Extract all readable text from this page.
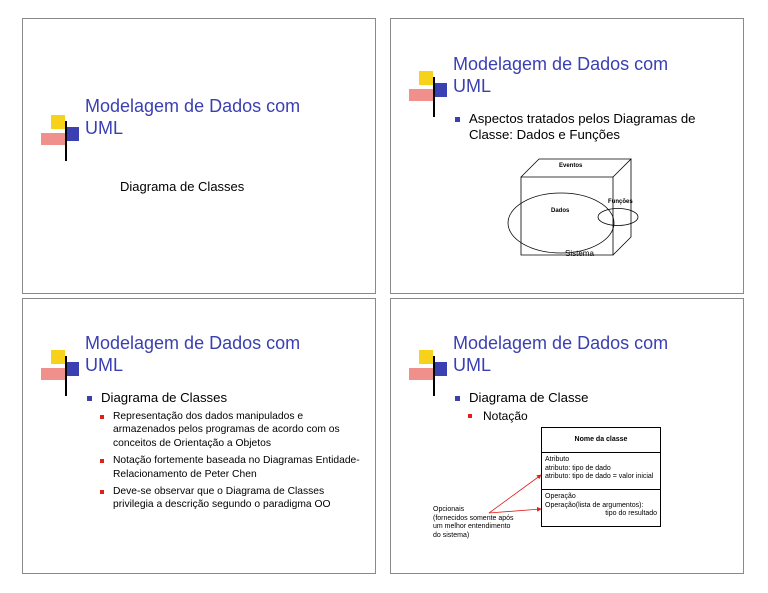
Modelagem de Dados com UML
Diagrama de Classes
Modelagem de Dados com UML
Aspectos tratados pelos Diagramas de Classe: Dados e Funções
Eventos
Dados
Funções
Sistema
Modelagem de Dados com UML
Diagrama de Classes
Representação dos dados manipulados e armazenados pelos programas de acordo com os conceitos de Orientação a Objetos
Notação fortemente baseada no Diagramas Entidade-Relacionamento de Peter Chen
Deve-se observar que o Diagrama de Classes privilegia a descrição segundo o paradigma OO
Modelagem de Dados com UML
Diagrama de Classe
Notação
Nome da classe
Atributo
atributo: tipo de dado
atributo: tipo de dado = valor inicial
Operação
Operação(lista de argumentos):
tipo do resultado
Opcionais
(fornecidos somente após
um melhor entendimento
do sistema)
